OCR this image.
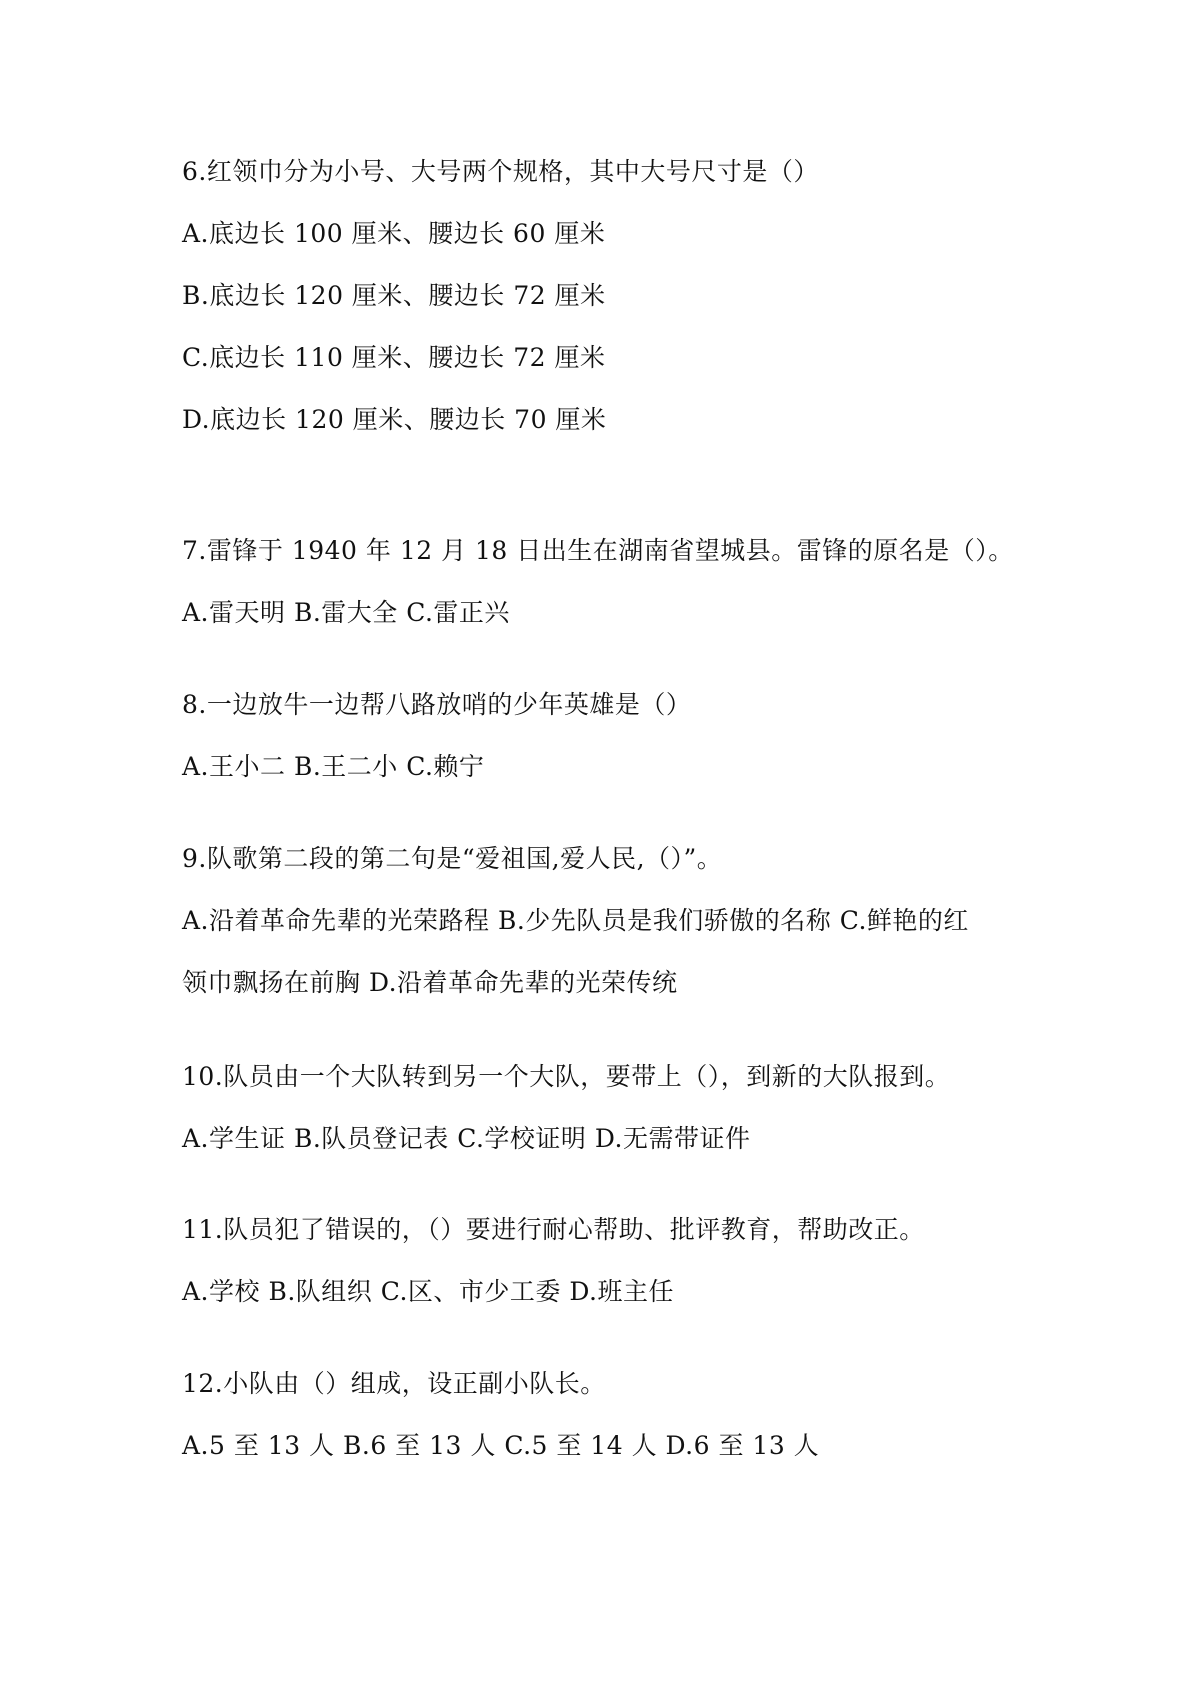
6.红领巾分为小号、大号两个规格，其中大号尺寸是（）
A.底边长 100 厘米、腰边长 60 厘米
B.底边长 120 厘米、腰边长 72 厘米
C.底边长 110 厘米、腰边长 72 厘米
D.底边长 120 厘米、腰边长 70 厘米
7.雷锋于 1940 年 12 月 18 日出生在湖南省望城县。雷锋的原名是（）。
A.雷天明 B.雷大全 C.雷正兴
8.一边放牛一边帮八路放哨的少年英雄是（）
A.王小二 B.王二小 C.赖宁
9.队歌第二段的第二句是“爱祖国,爱人民,（）”。
A.沿着革命先辈的光荣路程 B.少先队员是我们骄傲的名称 C.鲜艳的红
领巾飘扬在前胸 D.沿着革命先辈的光荣传统
10.队员由一个大队转到另一个大队，要带上（），到新的大队报到。
A.学生证 B.队员登记表 C.学校证明 D.无需带证件
11.队员犯了错误的，（）要进行耐心帮助、批评教育，帮助改正。
A.学校 B.队组织 C.区、市少工委 D.班主任
12.小队由（）组成，设正副小队长。
A.5 至 13 人 B.6 至 13 人 C.5 至 14 人 D.6 至 13 人
